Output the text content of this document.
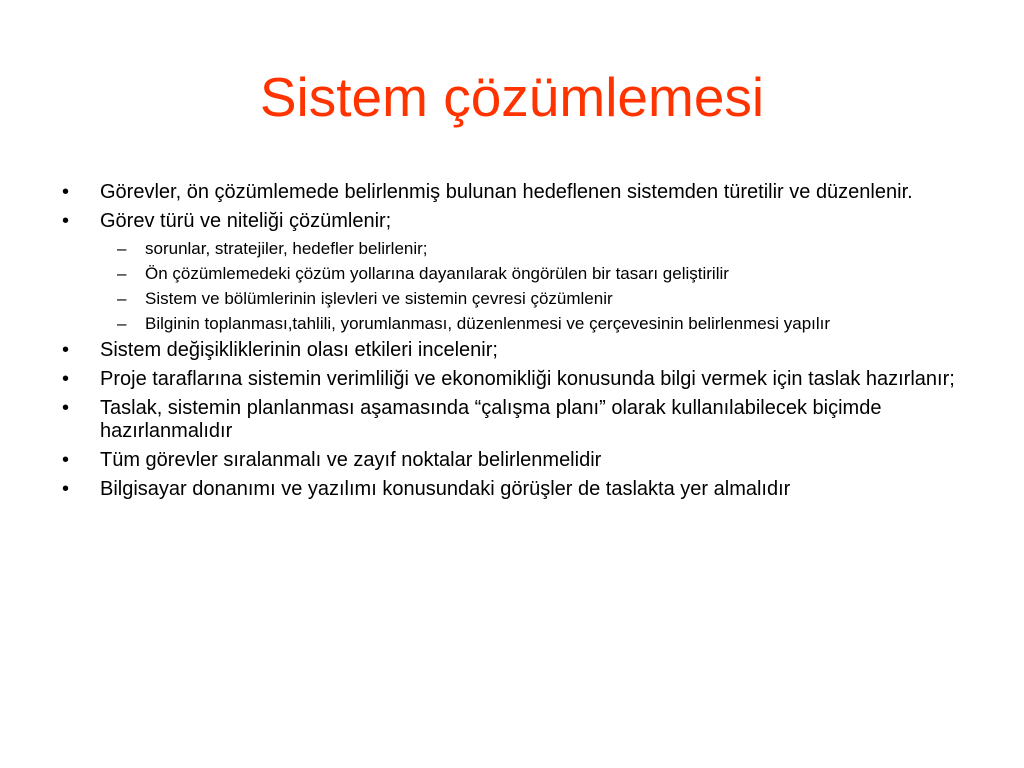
Sistem çözümlemesi
•	Görevler, ön çözümlemede belirlenmiş bulunan hedeflenen sistemden türetilir ve düzenlenir.
•	Görev türü ve niteliği çözümlenir;
–	sorunlar, stratejiler, hedefler belirlenir;
–	Ön çözümlemedeki çözüm yollarına dayanılarak öngörülen bir tasarı geliştirilir
–	Sistem ve bölümlerinin işlevleri ve sistemin çevresi çözümlenir
–	Bilginin toplanması,tahlili, yorumlanması, düzenlenmesi ve çerçevesinin belirlenmesi yapılır
•	Sistem değişikliklerinin olası etkileri incelenir;
•	Proje taraflarına sistemin verimliliği ve ekonomikliği konusunda bilgi vermek için taslak hazırlanır;
•	Taslak, sistemin planlanması aşamasında “çalışma planı” olarak kullanılabilecek biçimde hazırlanmalıdır
•	Tüm görevler sıralanmalı ve zayıf noktalar belirlenmelidir
•	Bilgisayar donanımı ve yazılımı konusundaki görüşler de taslakta yer almalıdır
